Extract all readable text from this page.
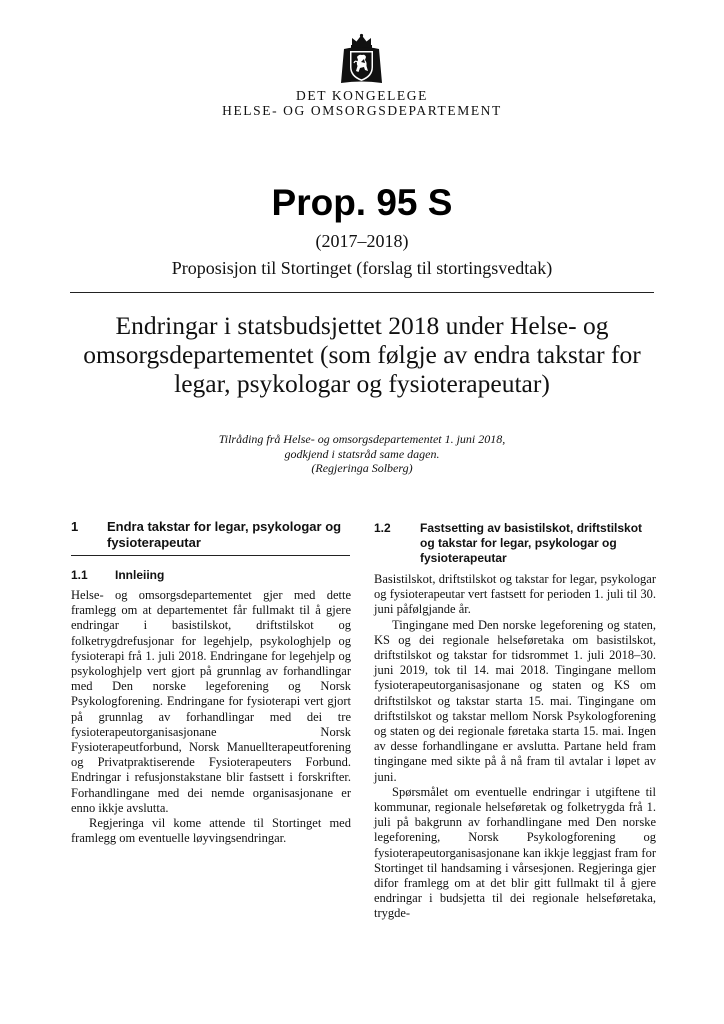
DET KONGELEGE
HELSE- OG OMSORGSDEPARTEMENT
Prop. 95 S
(2017–2018)
Proposisjon til Stortinget (forslag til stortingsvedtak)
Endringar i statsbudsjettet 2018 under Helse- og omsorgsdepartementet (som følgje av endra takstar for legar, psykologar og fysioterapeutar)
Tilråding frå Helse- og omsorgsdepartementet 1. juni 2018,
godkjend i statsråd same dagen.
(Regjeringa Solberg)
1 Endra takstar for legar, psykologar og fysioterapeutar
1.1 Innleiing

Helse- og omsorgsdepartementet gjer med dette framlegg om at departementet får fullmakt til å gjere endringar i basistilskot, driftstilskot og folketrygdrefusjonar for legehjelp, psykologhjelp og fysioterapi frå 1. juli 2018. Endringane for legehjelp og psykologhjelp vert gjort på grunnlag av forhandlingar med Den norske legeforening og Norsk Psykologforening. Endringane for fysioterapi vert gjort på grunnlag av forhandlingar med dei tre fysioterapeutorganisasjonane Norsk Fysioterapeutforbund, Norsk Manuellterapeutforening og Privatpraktiserende Fysioterapeuters Forbund. Endringar i refusjonstakstane blir fastsett i forskrifter. Forhandlingane med dei nemde organisasjonane er enno ikkje avslutta.

Regjeringa vil kome attende til Stortinget med framlegg om eventuelle løyvingsendringar.

1.2 Fastsetting av basistilskot, driftstilskot og takstar for legar, psykologar og fysioterapeutar

Basistilskot, driftstilskot og takstar for legar, psykologar og fysioterapeutar vert fastsett for perioden 1. juli til 30. juni påfølgjande år.

Tingingane med Den norske legeforening og staten, KS og dei regionale helseføretaka om basistilskot, driftstilskot og takstar for tidsrommet 1. juli 2018–30. juni 2019, tok til 14. mai 2018. Tingingane mellom fysioterapeutorganisasjonane og staten og KS om driftstilskot og takstar starta 15. mai. Tingingane om driftstilskot og takstar mellom Norsk Psykologforening og staten og dei regionale føretaka starta 15. mai. Ingen av desse forhandlingane er avslutta. Partane held fram tingingane med sikte på å nå fram til avtalar i løpet av juni.

Spørsmålet om eventuelle endringar i utgiftene til kommunar, regionale helseføretak og folketrygda frå 1. juli på bakgrunn av forhandlingane med Den norske legeforening, Norsk Psykologforening og fysioterapeutorganisasjonane kan ikkje leggjast fram for Stortinget til handsaming i vårsesjonen. Regjeringa gjer difor framlegg om at det blir gitt fullmakt til å gjere endringar i budsjetta til dei regionale helseføretaka, trygde-
